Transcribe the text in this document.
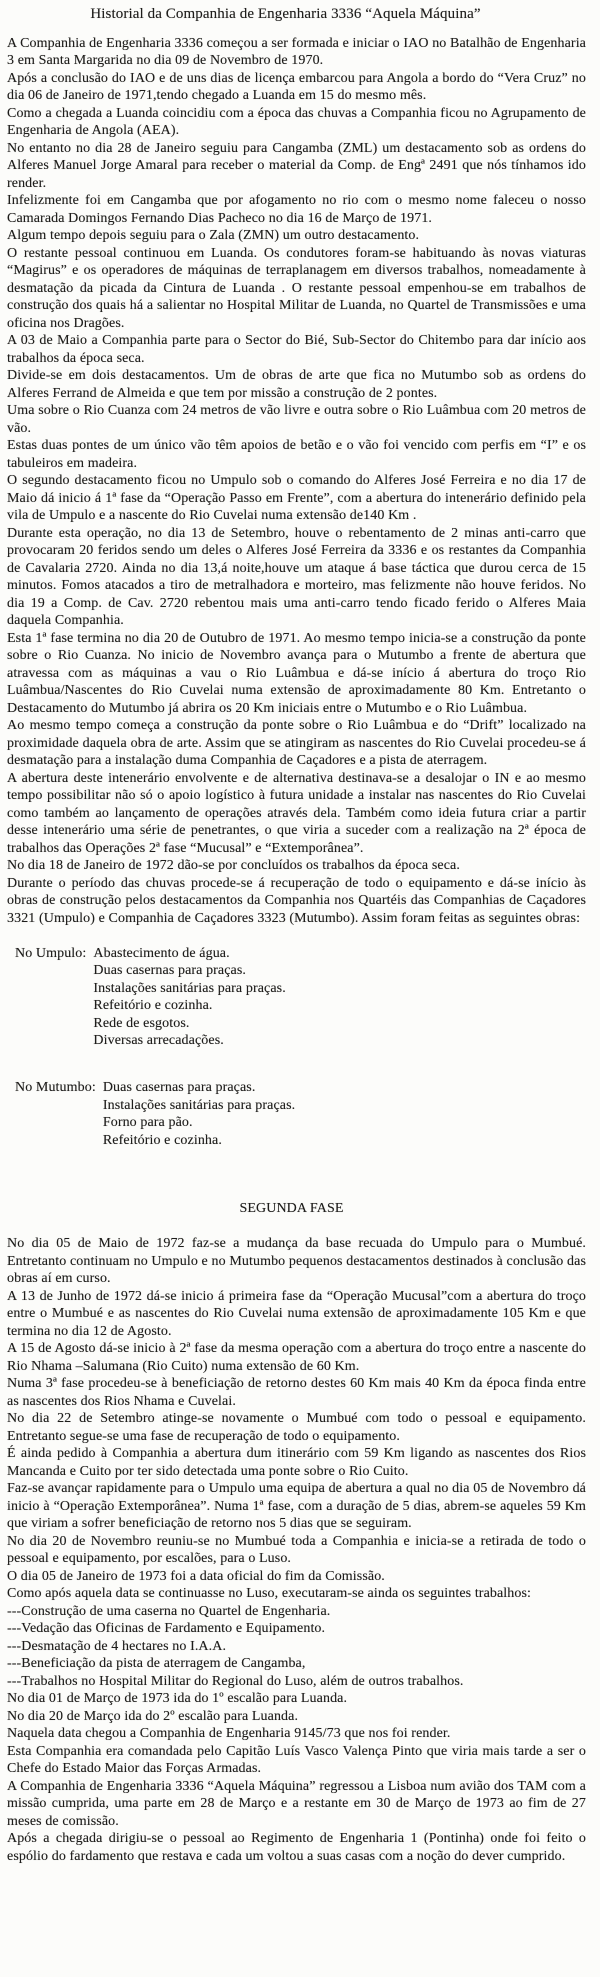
Historial da Companhia de Engenharia 3336 “Aquela Máquina”

A Companhia de Engenharia 3336 começou a ser formada e iniciar o IAO no Batalhão de Engenharia 3 em Santa Margarida no dia 09 de Novembro de 1970.

Após a conclusão do IAO e de uns dias de licença embarcou para Angola a bordo do “Vera Cruz” no dia 06 de Janeiro de 1971,tendo chegado a Luanda em 15 do mesmo mês.

Como a chegada a Luanda coincidiu com a época das chuvas a Companhia ficou no Agrupamento de Engenharia de Angola (AEA).

No entanto no dia 28 de Janeiro seguiu para Cangamba (ZML) um destacamento sob as ordens do Alferes Manuel Jorge Amaral para receber o material da Comp. de Engª 2491 que nós tínhamos ido render.

Infelizmente foi em Cangamba que por afogamento no rio com o mesmo nome faleceu o nosso Camarada Domingos Fernando Dias Pacheco no dia 16 de Março de 1971.

Algum tempo depois seguiu para o Zala (ZMN) um outro destacamento.

O restante pessoal continuou em Luanda. Os condutores foram-se habituando às novas viaturas “Magirus” e os operadores de máquinas de terraplanagem em diversos trabalhos, nomeadamente à desmatação da picada da Cintura de Luanda . O restante pessoal empenhou-se em trabalhos de construção dos quais há a salientar no Hospital Militar de Luanda, no Quartel de Transmissões e uma oficina nos Dragões.

A 03 de Maio a Companhia parte para o Sector do Bié, Sub-Sector do Chitembo para dar início aos trabalhos da época seca.

Divide-se em dois destacamentos. Um de obras de arte que fica no Mutumbo sob as ordens do Alferes Ferrand de Almeida e que tem por missão a construção de 2 pontes.

Uma sobre o Rio Cuanza com 24 metros de vão livre e outra sobre o Rio Luâmbua com 20 metros de vão.

Estas duas pontes de um único vão têm apoios de betão e o vão foi vencido com perfis em “I” e os tabuleiros em madeira.

O segundo destacamento ficou no Umpulo sob o comando do Alferes José Ferreira e no dia 17 de Maio dá inicio á 1ª fase da “Operação Passo em Frente”, com a abertura do intenerário definido pela vila de Umpulo e a nascente do Rio Cuvelai numa extensão de140 Km .

Durante esta operação, no dia 13 de Setembro, houve o rebentamento de 2 minas anti-carro que provocaram 20 feridos sendo um deles o Alferes José Ferreira da 3336 e os restantes da Companhia de Cavalaria 2720. Ainda no dia 13,á noite,houve um ataque á base táctica que durou cerca de 15 minutos. Fomos atacados a tiro de metralhadora e morteiro, mas felizmente não houve feridos. No dia 19 a Comp. de Cav. 2720 rebentou mais uma anti-carro tendo ficado ferido o Alferes Maia daquela Companhia.

Esta 1ª fase termina no dia 20 de Outubro de 1971. Ao mesmo tempo inicia-se a construção da ponte sobre o Rio Cuanza. No inicio de Novembro avança para o Mutumbo a frente de abertura que atravessa com as máquinas a vau o Rio Luâmbua e dá-se início á abertura do troço Rio Luâmbua/Nascentes do Rio Cuvelai numa extensão de aproximadamente 80 Km. Entretanto o Destacamento do Mutumbo já abrira os 20 Km iniciais entre o Mutumbo e o Rio Luâmbua.

Ao mesmo tempo começa a construção da ponte sobre o Rio Luâmbua e do “Drift” localizado na proximidade daquela obra de arte. Assim que se atingiram as nascentes do Rio Cuvelai procedeu-se á desmatação para a instalação duma Companhia de Caçadores e a pista de aterragem.

A abertura deste intenerário envolvente e de alternativa destinava-se a desalojar o IN e ao mesmo tempo possibilitar não só o apoio logístico à futura unidade a instalar nas nascentes do Rio Cuvelai como também ao lançamento de operações através dela. Também como ideia futura criar a partir desse intenerário uma série de penetrantes, o que viria a suceder com a realização na 2ª época de trabalhos das Operações 2ª fase “Mucusal” e “Extemporânea”.

No dia 18 de Janeiro de 1972 dão-se por concluídos os trabalhos da época seca.

Durante o período das chuvas procede-se á recuperação de todo o equipamento e dá-se início às obras de construção pelos destacamentos da Companhia nos Quartéis das Companhias de Caçadores 3321 (Umpulo) e Companhia de Caçadores 3323 (Mutumbo). Assim foram feitas as seguintes obras:

No Umpulo: Abastecimento de água.
Duas casernas para praças.
Instalações sanitárias para praças.
Refeitório e cozinha.
Rede de esgotos.
Diversas arrecadações.
No Mutumbo: Duas casernas para praças.
Instalações sanitárias para praças.
Forno para pão.
Refeitório e cozinha.
SEGUNDA FASE

No dia 05 de Maio de 1972 faz-se a mudança da base recuada do Umpulo para o Mumbué. Entretanto continuam no Umpulo e no Mutumbo pequenos destacamentos destinados à conclusão das obras aí em curso.

A 13 de Junho de 1972 dá-se inicio á primeira fase da “Operação Mucusal”com a abertura do troço entre o Mumbué e as nascentes do Rio Cuvelai numa extensão de aproximadamente 105 Km e que termina no dia 12 de Agosto.

A 15 de Agosto dá-se inicio à 2ª fase da mesma operação com a abertura do troço entre a nascente do Rio Nhama –Salumana (Rio Cuito) numa extensão de 60 Km.

Numa 3ª fase procedeu-se à beneficiação de retorno destes 60 Km mais 40 Km da época finda entre as nascentes dos Rios Nhama e Cuvelai.

No dia 22 de Setembro atinge-se novamente o Mumbué com todo o pessoal e equipamento. Entretanto segue-se uma fase de recuperação de todo o equipamento.

É ainda pedido à Companhia a abertura dum itinerário com 59 Km ligando as nascentes dos Rios Mancanda e Cuito por ter sido detectada uma ponte sobre o Rio Cuito.

Faz-se avançar rapidamente para o Umpulo uma equipa de abertura a qual no dia 05 de Novembro dá inicio à “Operação Extemporânea”. Numa 1ª fase, com a duração de 5 dias, abrem-se aqueles 59 Km que viriam a sofrer beneficiação de retorno nos 5 dias que se seguiram.

No dia 20 de Novembro reuniu-se no Mumbué toda a Companhia e inicia-se a retirada de todo o pessoal e equipamento, por escalões, para o Luso.

O dia 05 de Janeiro de 1973 foi a data oficial do fim da Comissão.

Como após aquela data se continuasse no Luso, executaram-se ainda os seguintes trabalhos:

---Construção de uma caserna no Quartel de Engenharia.

---Vedação das Oficinas de Fardamento e Equipamento.

---Desmatação de 4 hectares no I.A.A.

---Beneficiação da pista de aterragem de Cangamba,

---Trabalhos no Hospital Militar do Regional do Luso, além de outros trabalhos.

No dia 01 de Março de 1973 ida do 1º escalão para Luanda.

No dia 20 de Março ida do 2º escalão para Luanda.

Naquela data chegou a Companhia de Engenharia 9145/73 que nos foi render.

Esta Companhia era comandada pelo Capitão Luís Vasco Valença Pinto que viria mais tarde a ser o Chefe do Estado Maior das Forças Armadas.

A Companhia de Engenharia 3336 “Aquela Máquina” regressou a Lisboa num avião dos TAM com a missão cumprida, uma parte em 28 de Março e a restante em 30 de Março de 1973 ao fim de 27 meses de comissão.

Após a chegada dirigiu-se o pessoal ao Regimento de Engenharia 1 (Pontinha) onde foi feito o espólio do fardamento que restava e cada um voltou a suas casas com a noção do dever cumprido.
